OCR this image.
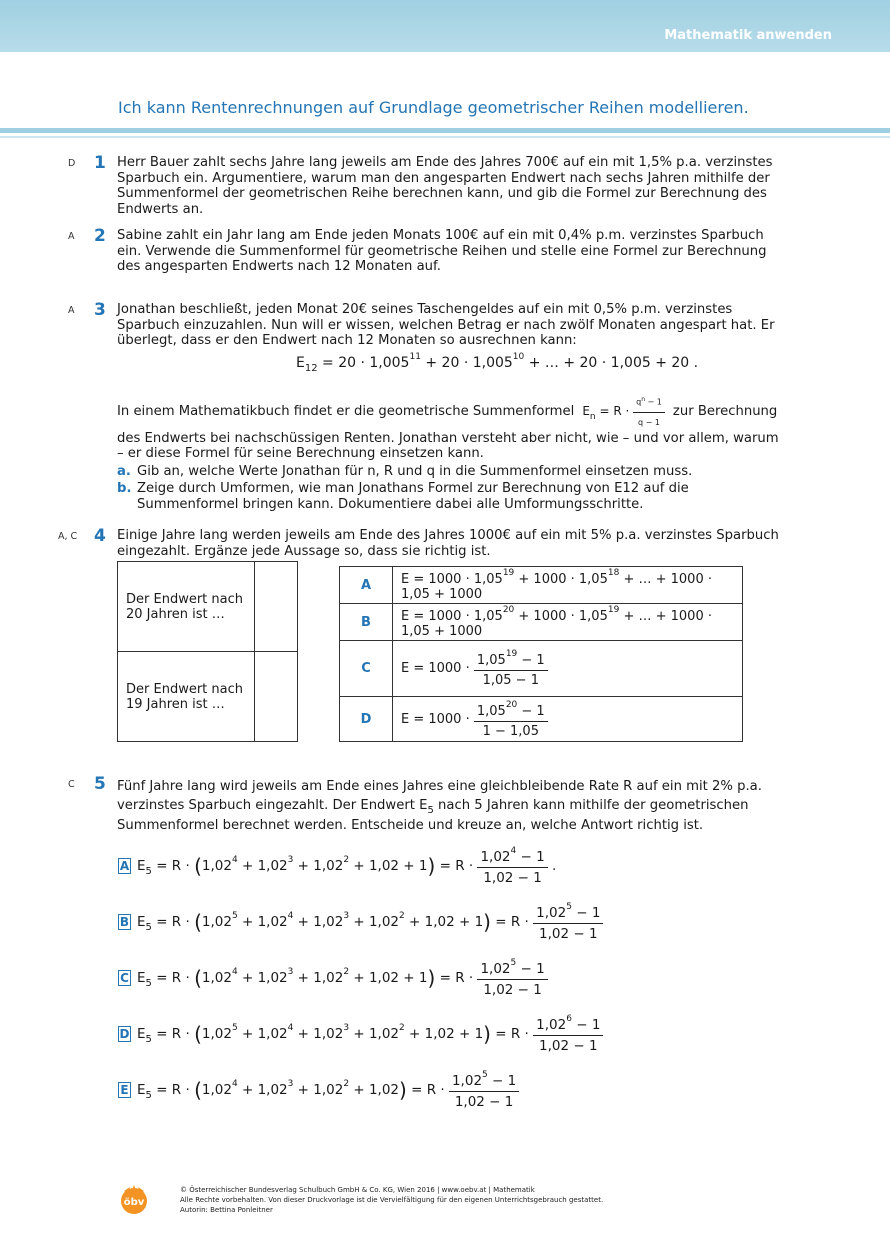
Mathematik anwenden
Ich kann Rentenrechnungen auf Grundlage geometrischer Reihen modellieren.
D 1 Herr Bauer zahlt sechs Jahre lang jeweils am Ende des Jahres 700€ auf ein mit 1,5% p.a. verzinstes Sparbuch ein. Argumentiere, warum man den angesparten Endwert nach sechs Jahren mithilfe der Summenformel der geometrischen Reihe berechnen kann, und gib die Formel zur Berechnung des Endwerts an.
A 2 Sabine zahlt ein Jahr lang am Ende jeden Monats 100€ auf ein mit 0,4% p.m. verzinstes Sparbuch ein. Verwende die Summenformel für geometrische Reihen und stelle eine Formel zur Berechnung des angesparten Endwerts nach 12 Monaten auf.
A 3 Jonathan beschließt, jeden Monat 20€ seines Taschengeldes auf ein mit 0,5% p.m. verzinstes Sparbuch einzuzahlen. Nun will er wissen, welchen Betrag er nach zwölf Monaten angespart hat. Er überlegt, dass er den Endwert nach 12 Monaten so ausrechnen kann:
$E_{12} = 20 \cdot 1,005^{11} + 20 \cdot 1,005^{10}$ + … + 20 · 1,005 + 20 .
In einem Mathematikbuch findet er die geometrische Summenformel  $E_n = R \cdot \frac{q^n - 1}{q - 1}$ zur Berechnung des Endwerts bei nachschüssigen Renten. Jonathan versteht aber nicht, wie – und vor allem, warum – er diese Formel für seine Berechnung einsetzen kann.
a. Gib an, welche Werte Jonathan für n, R und q in die Summenformel einsetzen muss.
b. Zeige durch Umformen, wie man Jonathans Formel zur Berechnung von E12 auf die Summenformel bringen kann. Dokumentiere dabei alle Umformungsschritte.
A, C 4 Einige Jahre lang werden jeweils am Ende des Jahres 1000€ auf ein mit 5% p.a. verzinstes Sparbuch eingezahlt. Ergänze jede Aussage so, dass sie richtig ist.
Der Endwert nach 20 Jahren ist …	
Der Endwert nach 19 Jahren ist …	
A	$E = 1000 \cdot 1,05^{19} + 1000 \cdot 1,05^{18}$ + … + 1000 · 1,05 + 1000
B	$E = 1000 \cdot 1,05^{20} + 1000 \cdot 1,05^{19}$ + … + 1000 · 1,05 + 1000
C	$E = 1000 \cdot \frac{1,05^{19} - 1}{1,05 - 1}$

D	$E = 1000 \cdot \frac{1,05^{20} - 1}{1 - 1,05}$
C 5 Fünf Jahre lang wird jeweils am Ende eines Jahres eine gleichbleibende Rate R auf ein mit 2% p.a. verzinstes Sparbuch eingezahlt. Der Endwert $E_5$ nach 5 Jahren kann mithilfe der geometrischen Summenformel berechnet werden. Entscheide und kreuze an, welche Antwort richtig ist.
A $E_5 = R \cdot (1,02^4 + 1,02^3 + 1,02^2 + 1,02 + 1) = R \cdot \frac{1,02^4 - 1}{1,02 - 1}$ .
B $E_5 = R \cdot (1,02^5 + 1,02^4 + 1,02^3 + 1,02^2 + 1,02 + 1) = R \cdot \frac{1,02^5 - 1}{1,02 - 1}$
C $E_5 = R \cdot (1,02^4 + 1,02^3 + 1,02^2 + 1,02 + 1) = R \cdot \frac{1,02^5 - 1}{1,02 - 1}$
D $E_5 = R \cdot (1,02^5 + 1,02^4 + 1,02^3 + 1,02^2 + 1,02 + 1) = R \cdot \frac{1,02^6 - 1}{1,02 - 1}$
E $E_5 = R \cdot (1,02^4 + 1,02^3 + 1,02^2 + 1,02) = R \cdot \frac{1,02^5 - 1}{1,02 - 1}$
öbv
© Österreichischer Bundesverlag Schulbuch GmbH & Co. KG, Wien 2016 | www.oebv.at | Mathematik
Alle Rechte vorbehalten. Von dieser Druckvorlage ist die Vervielfältigung für den eigenen Unterrichtsgebrauch gestattet.
Autorin: Bettina Ponleitner
